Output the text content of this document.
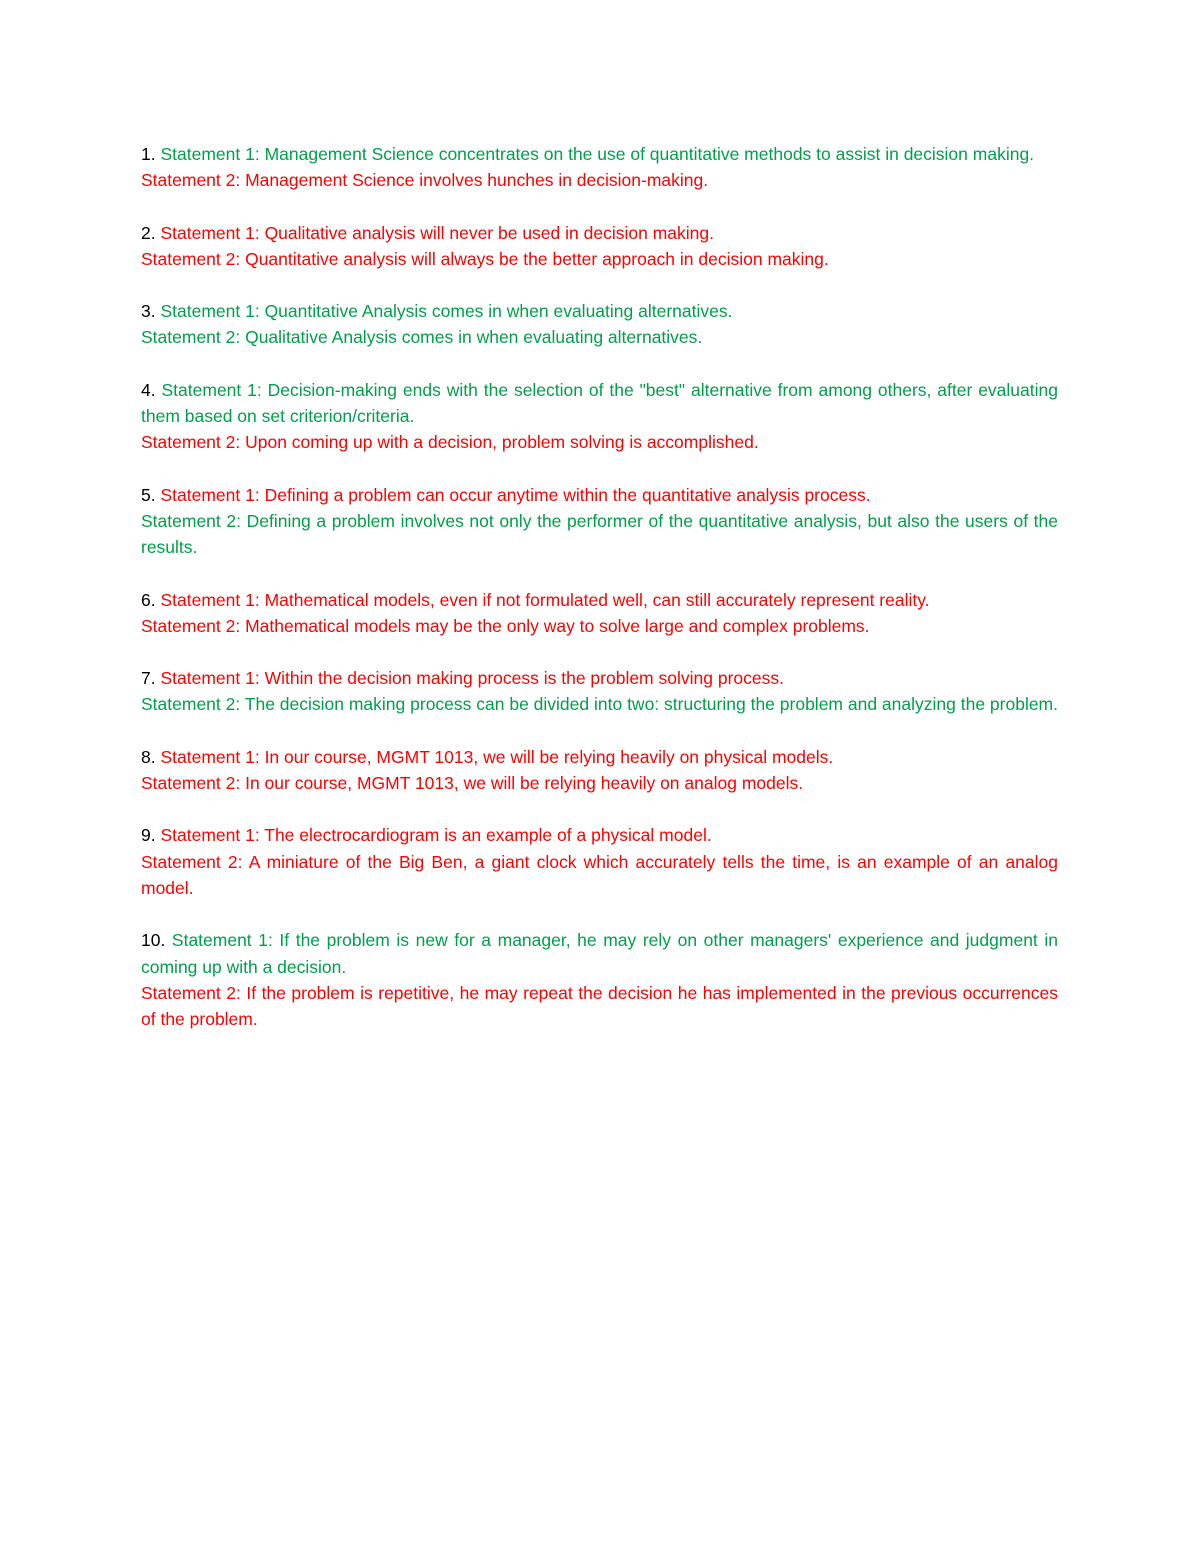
1. Statement 1: Management Science concentrates on the use of quantitative methods to assist in decision making.

Statement 2: Management Science involves hunches in decision-making.

2. Statement 1: Qualitative analysis will never be used in decision making.

Statement 2: Quantitative analysis will always be the better approach in decision making.

3. Statement 1: Quantitative Analysis comes in when evaluating alternatives.

Statement 2: Qualitative Analysis comes in when evaluating alternatives.

4. Statement 1: Decision-making ends with the selection of the "best" alternative from among others, after evaluating them based on set criterion/criteria.

Statement 2: Upon coming up with a decision, problem solving is accomplished.

5. Statement 1: Defining a problem can occur anytime within the quantitative analysis process.

Statement 2: Defining a problem involves not only the performer of the quantitative analysis, but also the users of the results.

6. Statement 1: Mathematical models, even if not formulated well, can still accurately represent reality.

Statement 2: Mathematical models may be the only way to solve large and complex problems.

7. Statement 1: Within the decision making process is the problem solving process.

Statement 2: The decision making process can be divided into two: structuring the problem and analyzing the problem.

8. Statement 1: In our course, MGMT 1013, we will be relying heavily on physical models.

Statement 2: In our course, MGMT 1013, we will be relying heavily on analog models.

9. Statement 1: The electrocardiogram is an example of a physical model.

Statement 2: A miniature of the Big Ben, a giant clock which accurately tells the time, is an example of an analog model.

10. Statement 1: If the problem is new for a manager, he may rely on other managers' experience and judgment in coming up with a decision.

Statement 2: If the problem is repetitive, he may repeat the decision he has implemented in the previous occurrences of the problem.
